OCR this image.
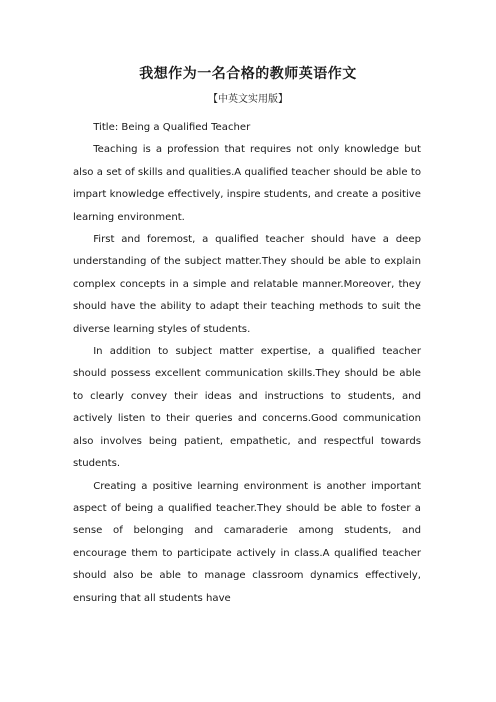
我想作为一名合格的教师英语作文
【中英文实用版】

Title: Being a Qualified Teacher

Teaching is a profession that requires not only knowledge but also a set of skills and qualities.A qualified teacher should be able to impart knowledge effectively, inspire students, and create a positive learning environment.

First and foremost, a qualified teacher should have a deep understanding of the subject matter.They should be able to explain complex concepts in a simple and relatable manner.Moreover, they should have the ability to adapt their teaching methods to suit the diverse learning styles of students.

In addition to subject matter expertise, a qualified teacher should possess excellent communication skills.They should be able to clearly convey their ideas and instructions to students, and actively listen to their queries and concerns.Good communication also involves being patient, empathetic, and respectful towards students.

Creating a positive learning environment is another important aspect of being a qualified teacher.They should be able to foster a sense of belonging and camaraderie among students, and encourage them to participate actively in class.A qualified teacher should also be able to manage classroom dynamics effectively, ensuring that all students have
